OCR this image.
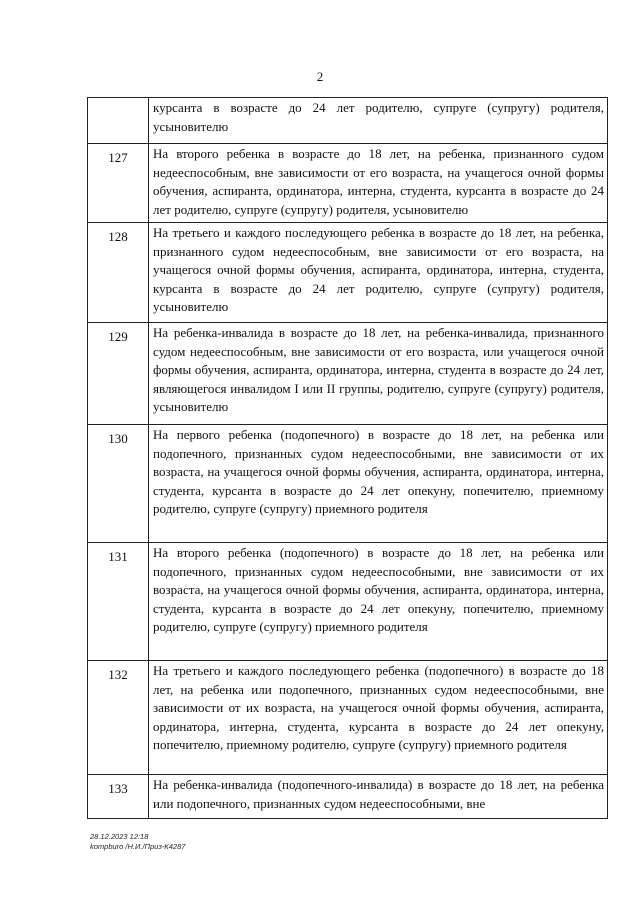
2
	курсанта в возрасте до 24 лет родителю, супруге (супругу) родителя, усыновителю
127	На второго ребенка в возрасте до 18 лет, на ребенка, признанного судом недееспособным, вне зависимости от его возраста, на учащегося очной формы обучения, аспиранта, ординатора, интерна, студента, курсанта в возрасте до 24 лет родителю, супруге (супругу) родителя, усыновителю
128	На третьего и каждого последующего ребенка в возрасте до 18 лет, на ребенка, признанного судом недееспособным, вне зависимости от его возраста, на учащегося очной формы обучения, аспиранта, ординатора, интерна, студента, курсанта в возрасте до 24 лет родителю, супруге (супругу) родителя, усыновителю
129	На ребенка-инвалида в возрасте до 18 лет, на ребенка-инвалида, признанного судом недееспособным, вне зависимости от его возраста, или учащегося очной формы обучения, аспиранта, ординатора, интерна, студента в возрасте до 24 лет, являющегося инвалидом I или II группы, родителю, супруге (супругу) родителя, усыновителю
130	На первого ребенка (подопечного) в возрасте до 18 лет, на ребенка или подопечного, признанных судом недееспособными, вне зависимости от их возраста, на учащегося очной формы обучения, аспиранта, ординатора, интерна, студента, курсанта в возрасте до 24 лет опекуну, попечителю, приемному родителю, супруге (супругу) приемного родителя
131	На второго ребенка (подопечного) в возрасте до 18 лет, на ребенка или подопечного, признанных судом недееспособными, вне зависимости от их возраста, на учащегося очной формы обучения, аспиранта, ординатора, интерна, студента, курсанта в возрасте до 24 лет опекуну, попечителю, приемному родителю, супруге (супругу) приемного родителя
132	На третьего и каждого последующего ребенка (подопечного) в возрасте до 18 лет, на ребенка или подопечного, признанных судом недееспособными, вне зависимости от их возраста, на учащегося очной формы обучения, аспиранта, ординатора, интерна, студента, курсанта в возрасте до 24 лет опекуну, попечителю, приемному родителю, супруге (супругу) приемного родителя
133	На ребенка-инвалида (подопечного-инвалида) в возрасте до 18 лет, на ребенка или подопечного, признанных судом недееспособными, вне
28.12.2023 12:18
kompburo /Н.И./Приз-К4287
